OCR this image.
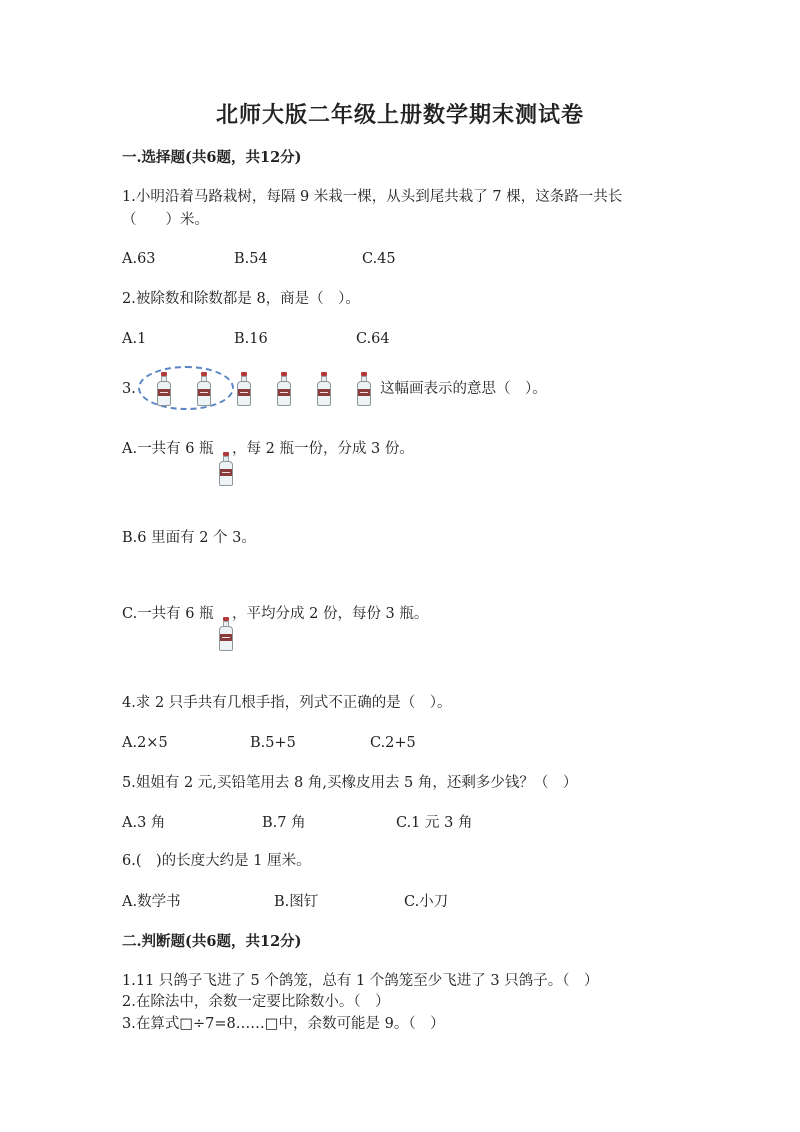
北师大版二年级上册数学期末测试卷
一.选择题(共6题，共12分)
1.小明沿着马路栽树，每隔 9 米栽一棵，从头到尾共栽了 7 棵，这条路一共长
（　　）米。
A.63	B.54	C.45
2.被除数和除数都是 8，商是（　）。
A.1	B.16	C.64
3.	这幅画表示的意思（　）。
A.一共有 6 瓶 ，每 2 瓶一份，分成 3 份。
B.6 里面有 2 个 3。
C.一共有 6 瓶 ，平均分成 2 份，每份 3 瓶。
4.求 2 只手共有几根手指，列式不正确的是（　）。
A.2×5	B.5+5	C.2+5
5.姐姐有 2 元,买铅笔用去 8 角,买橡皮用去 5 角，还剩多少钱？（　）
A.3 角	B.7 角	C.1 元 3 角
6.(　)的长度大约是 1 厘米。
A.数学书	B.图钉	C.小刀
二.判断题(共6题，共12分)
1.11 只鸽子飞进了 5 个鸽笼，总有 1 个鸽笼至少飞进了 3 只鸽子。（　）
2.在除法中，余数一定要比除数小。（　）
3.在算式□÷7=8……□中，余数可能是 9。（　）
